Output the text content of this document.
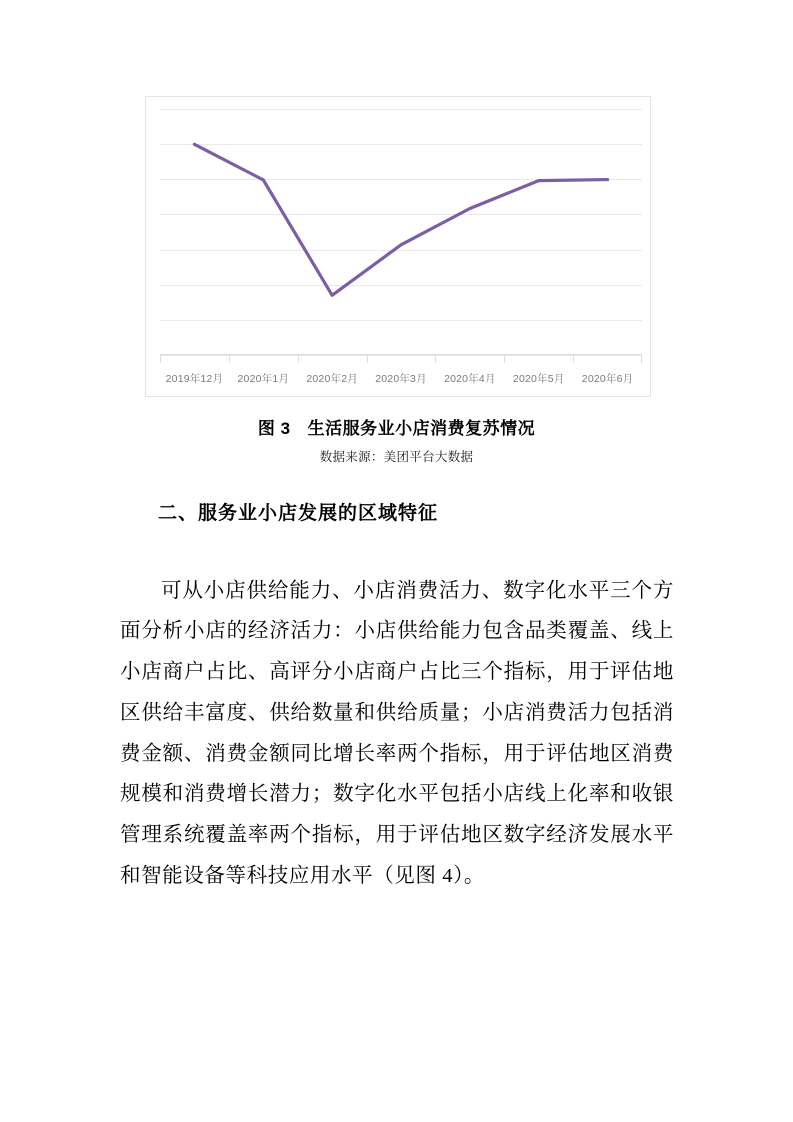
2019年12月 2020年1月 2020年2月 2020年3月 2020年4月 2020年5月 2020年6月
图 3 生活服务业小店消费复苏情况
数据来源：美团平台大数据
二、服务业小店发展的区域特征

可从小店供给能力、小店消费活力、数字化水平三个方面分析小店的经济活力：小店供给能力包含品类覆盖、线上小店商户占比、高评分小店商户占比三个指标，用于评估地区供给丰富度、供给数量和供给质量；小店消费活力包括消费金额、消费金额同比增长率两个指标，用于评估地区消费规模和消费增长潜力；数字化水平包括小店线上化率和收银管理系统覆盖率两个指标，用于评估地区数字经济发展水平和智能设备等科技应用水平（见图 4）。
